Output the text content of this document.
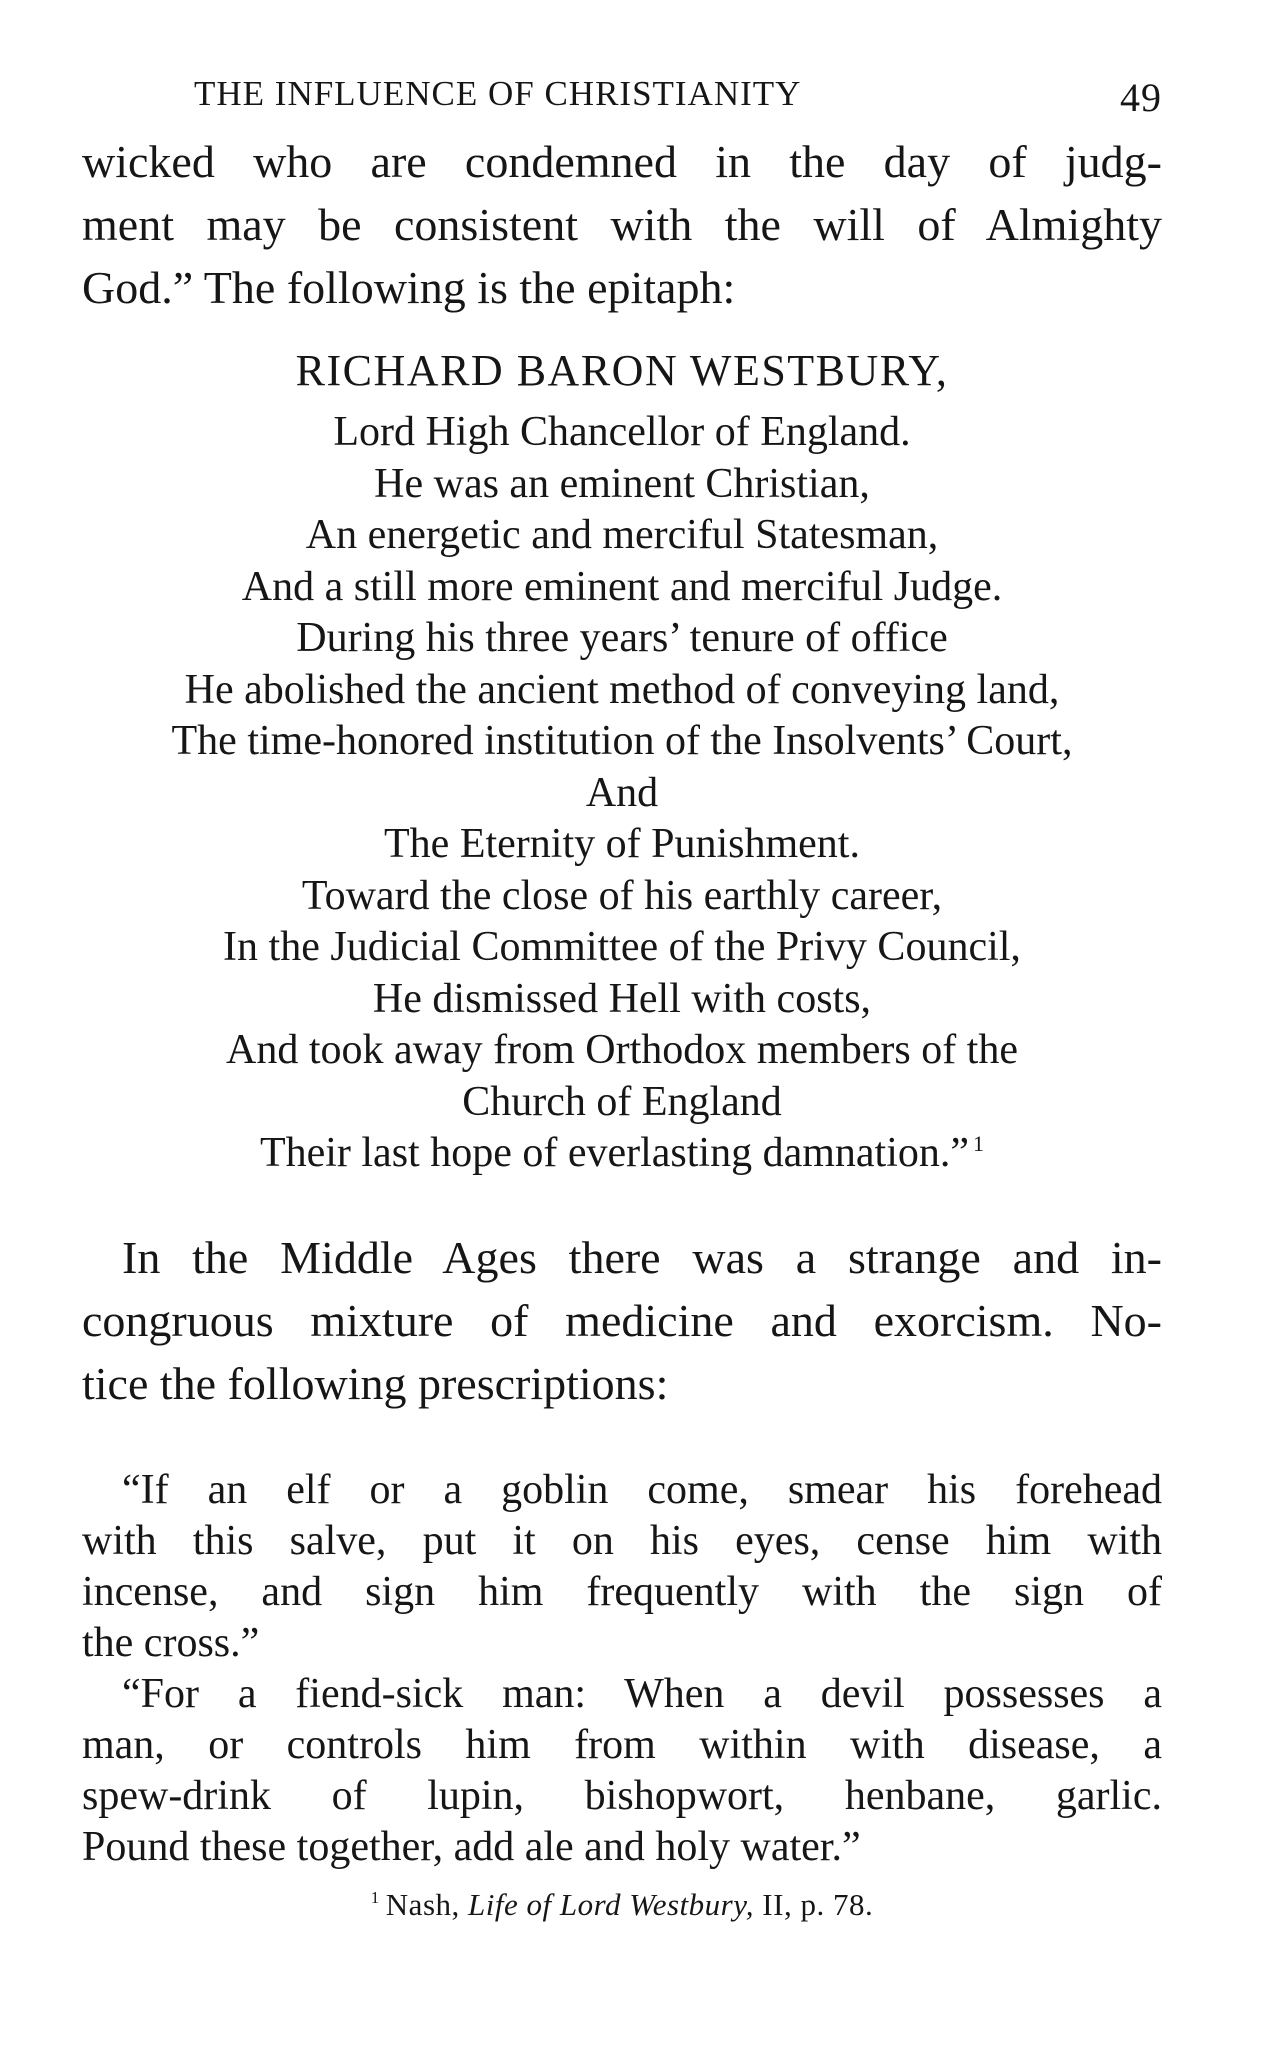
THE INFLUENCE OF CHRISTIANITY	49

wicked who are condemned in the day of judg-
ment may be consistent with the will of Almighty
God.” The following is the epitaph:

RICHARD BARON WESTBURY,
Lord High Chancellor of England.
He was an eminent Christian,
An energetic and merciful Statesman,
And a still more eminent and merciful Judge.
During his three years’ tenure of office
He abolished the ancient method of conveying land,
The time-honored institution of the Insolvents’ Court,
And
The Eternity of Punishment.
Toward the close of his earthly career,
In the Judicial Committee of the Privy Council,
He dismissed Hell with costs,
And took away from Orthodox members of the
Church of England
Their last hope of everlasting damnation.” $^1$

In the Middle Ages there was a strange and in-
congruous mixture of medicine and exorcism. No-
tice the following prescriptions:

“If an elf or a goblin come, smear his forehead
with this salve, put it on his eyes, cense him with
incense, and sign him frequently with the sign of
the cross.”

“For a fiend-sick man: When a devil possesses a
man, or controls him from within with disease, a
spew-drink of lupin, bishopwort, henbane, garlic.
Pound these together, add ale and holy water.”

$^1$ Nash, Life of Lord Westbury, II, p. 78.
